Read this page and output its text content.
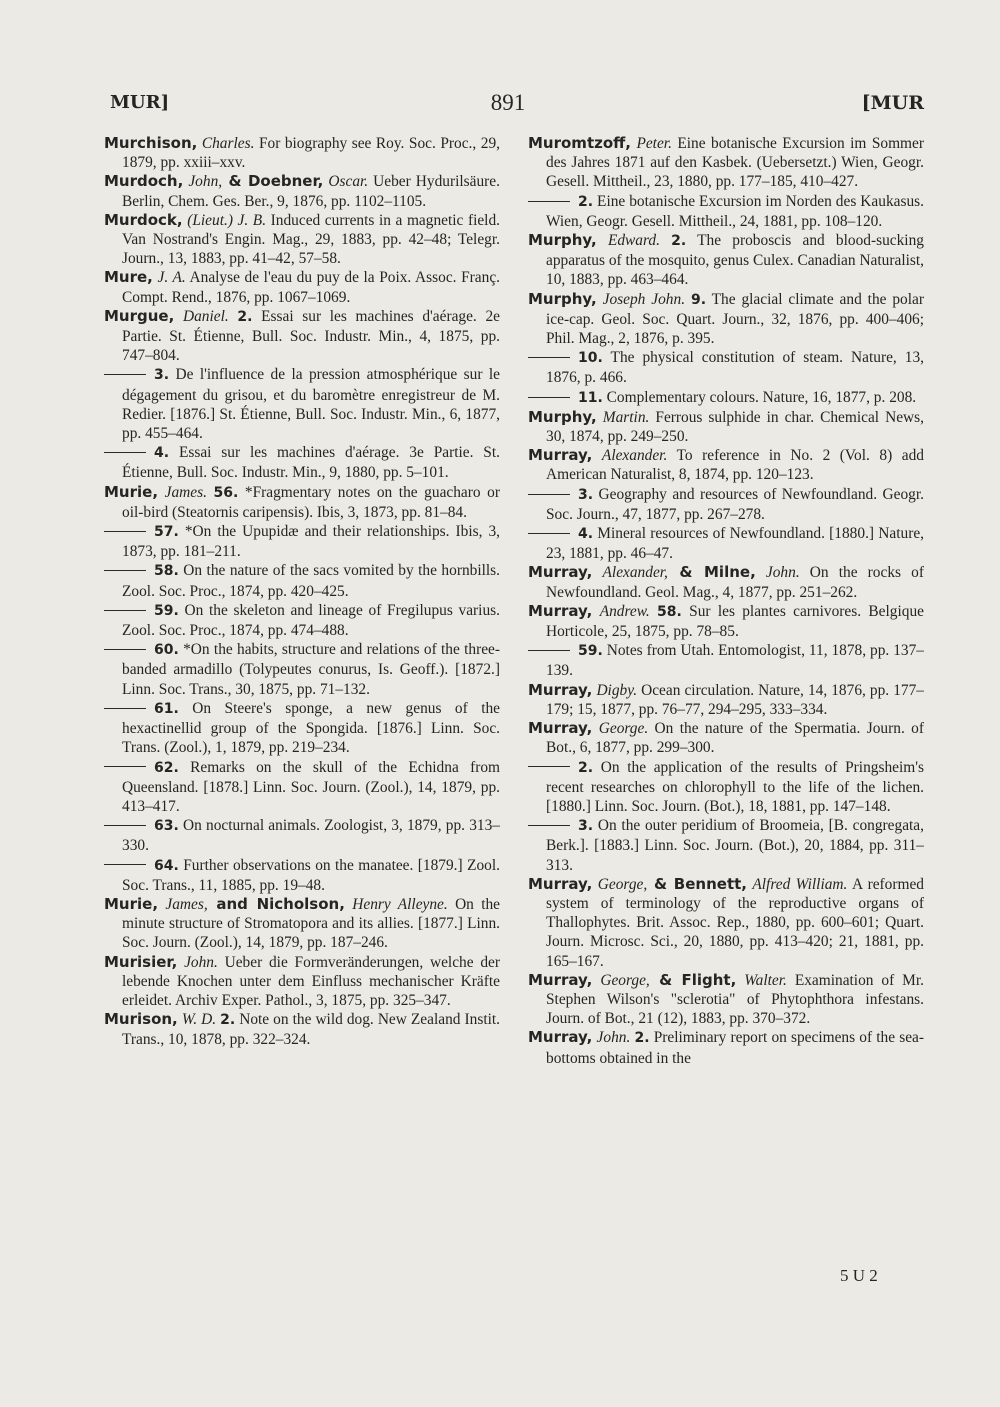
MUR]	891	[MUR
Murchison, Charles. For biography see Roy. Soc. Proc., 29, 1879, pp. xxiii–xxv.
Murdoch, John, & Doebner, Oscar. Ueber Hydurilsäure. Berlin, Chem. Ges. Ber., 9, 1876, pp. 1102–1105.
Murdock, (Lieut.) J. B. Induced currents in a magnetic field. Van Nostrand's Engin. Mag., 29, 1883, pp. 42–48; Telegr. Journ., 13, 1883, pp. 41–42, 57–58.
Mure, J. A. Analyse de l'eau du puy de la Poix. Assoc. Franç. Compt. Rend., 1876, pp. 1067–1069.
Murgue, Daniel. 2. Essai sur les machines d'aérage. 2e Partie. St. Étienne, Bull. Soc. Industr. Min., 4, 1875, pp. 747–804.
3. De l'influence de la pression atmosphérique sur le dégagement du grisou, et du baromètre enregistreur de M. Redier. [1876.] St. Étienne, Bull. Soc. Industr. Min., 6, 1877, pp. 455–464.
4. Essai sur les machines d'aérage. 3e Partie. St. Étienne, Bull. Soc. Industr. Min., 9, 1880, pp. 5–101.
Murie, James. 56. *Fragmentary notes on the guacharo or oil-bird (Steatornis caripensis). Ibis, 3, 1873, pp. 81–84.
57. *On the Upupidæ and their relationships. Ibis, 3, 1873, pp. 181–211.
58. On the nature of the sacs vomited by the hornbills. Zool. Soc. Proc., 1874, pp. 420–425.
59. On the skeleton and lineage of Fregilupus varius. Zool. Soc. Proc., 1874, pp. 474–488.
60. *On the habits, structure and relations of the three-banded armadillo (Tolypeutes conurus, Is. Geoff.). [1872.] Linn. Soc. Trans., 30, 1875, pp. 71–132.
61. On Steere's sponge, a new genus of the hexactinellid group of the Spongida. [1876.] Linn. Soc. Trans. (Zool.), 1, 1879, pp. 219–234.
62. Remarks on the skull of the Echidna from Queensland. [1878.] Linn. Soc. Journ. (Zool.), 14, 1879, pp. 413–417.
63. On nocturnal animals. Zoologist, 3, 1879, pp. 313–330.
64. Further observations on the manatee. [1879.] Zool. Soc. Trans., 11, 1885, pp. 19–48.
Murie, James, and Nicholson, Henry Alleyne. On the minute structure of Stromatopora and its allies. [1877.] Linn. Soc. Journ. (Zool.), 14, 1879, pp. 187–246.
Murisier, John. Ueber die Formveränderungen, welche der lebende Knochen unter dem Einfluss mechanischer Kräfte erleidet. Archiv Exper. Pathol., 3, 1875, pp. 325–347.
Murison, W. D. 2. Note on the wild dog. New Zealand Instit. Trans., 10, 1878, pp. 322–324.
Muromtzoff, Peter. Eine botanische Excursion im Sommer des Jahres 1871 auf den Kasbek. (Uebersetzt.) Wien, Geogr. Gesell. Mittheil., 23, 1880, pp. 177–185, 410–427.
2. Eine botanische Excursion im Norden des Kaukasus. Wien, Geogr. Gesell. Mittheil., 24, 1881, pp. 108–120.
Murphy, Edward. 2. The proboscis and blood-sucking apparatus of the mosquito, genus Culex. Canadian Naturalist, 10, 1883, pp. 463–464.
Murphy, Joseph John. 9. The glacial climate and the polar ice-cap. Geol. Soc. Quart. Journ., 32, 1876, pp. 400–406; Phil. Mag., 2, 1876, p. 395.
10. The physical constitution of steam. Nature, 13, 1876, p. 466.
11. Complementary colours. Nature, 16, 1877, p. 208.
Murphy, Martin. Ferrous sulphide in char. Chemical News, 30, 1874, pp. 249–250.
Murray, Alexander. To reference in No. 2 (Vol. 8) add American Naturalist, 8, 1874, pp. 120–123.
3. Geography and resources of Newfoundland. Geogr. Soc. Journ., 47, 1877, pp. 267–278.
4. Mineral resources of Newfoundland. [1880.] Nature, 23, 1881, pp. 46–47.
Murray, Alexander, & Milne, John. On the rocks of Newfoundland. Geol. Mag., 4, 1877, pp. 251–262.
Murray, Andrew. 58. Sur les plantes carnivores. Belgique Horticole, 25, 1875, pp. 78–85.
59. Notes from Utah. Entomologist, 11, 1878, pp. 137–139.
Murray, Digby. Ocean circulation. Nature, 14, 1876, pp. 177–179; 15, 1877, pp. 76–77, 294–295, 333–334.
Murray, George. On the nature of the Spermatia. Journ. of Bot., 6, 1877, pp. 299–300.
2. On the application of the results of Pringsheim's recent researches on chlorophyll to the life of the lichen. [1880.] Linn. Soc. Journ. (Bot.), 18, 1881, pp. 147–148.
3. On the outer peridium of Broomeia, [B. congregata, Berk.]. [1883.] Linn. Soc. Journ. (Bot.), 20, 1884, pp. 311–313.
Murray, George, & Bennett, Alfred William. A reformed system of terminology of the reproductive organs of Thallophytes. Brit. Assoc. Rep., 1880, pp. 600–601; Quart. Journ. Microsc. Sci., 20, 1880, pp. 413–420; 21, 1881, pp. 165–167.
Murray, George, & Flight, Walter. Examination of Mr. Stephen Wilson's "sclerotia" of Phytophthora infestans. Journ. of Bot., 21 (12), 1883, pp. 370–372.
Murray, John. 2. Preliminary report on specimens of the sea-bottoms obtained in the
5 U 2
